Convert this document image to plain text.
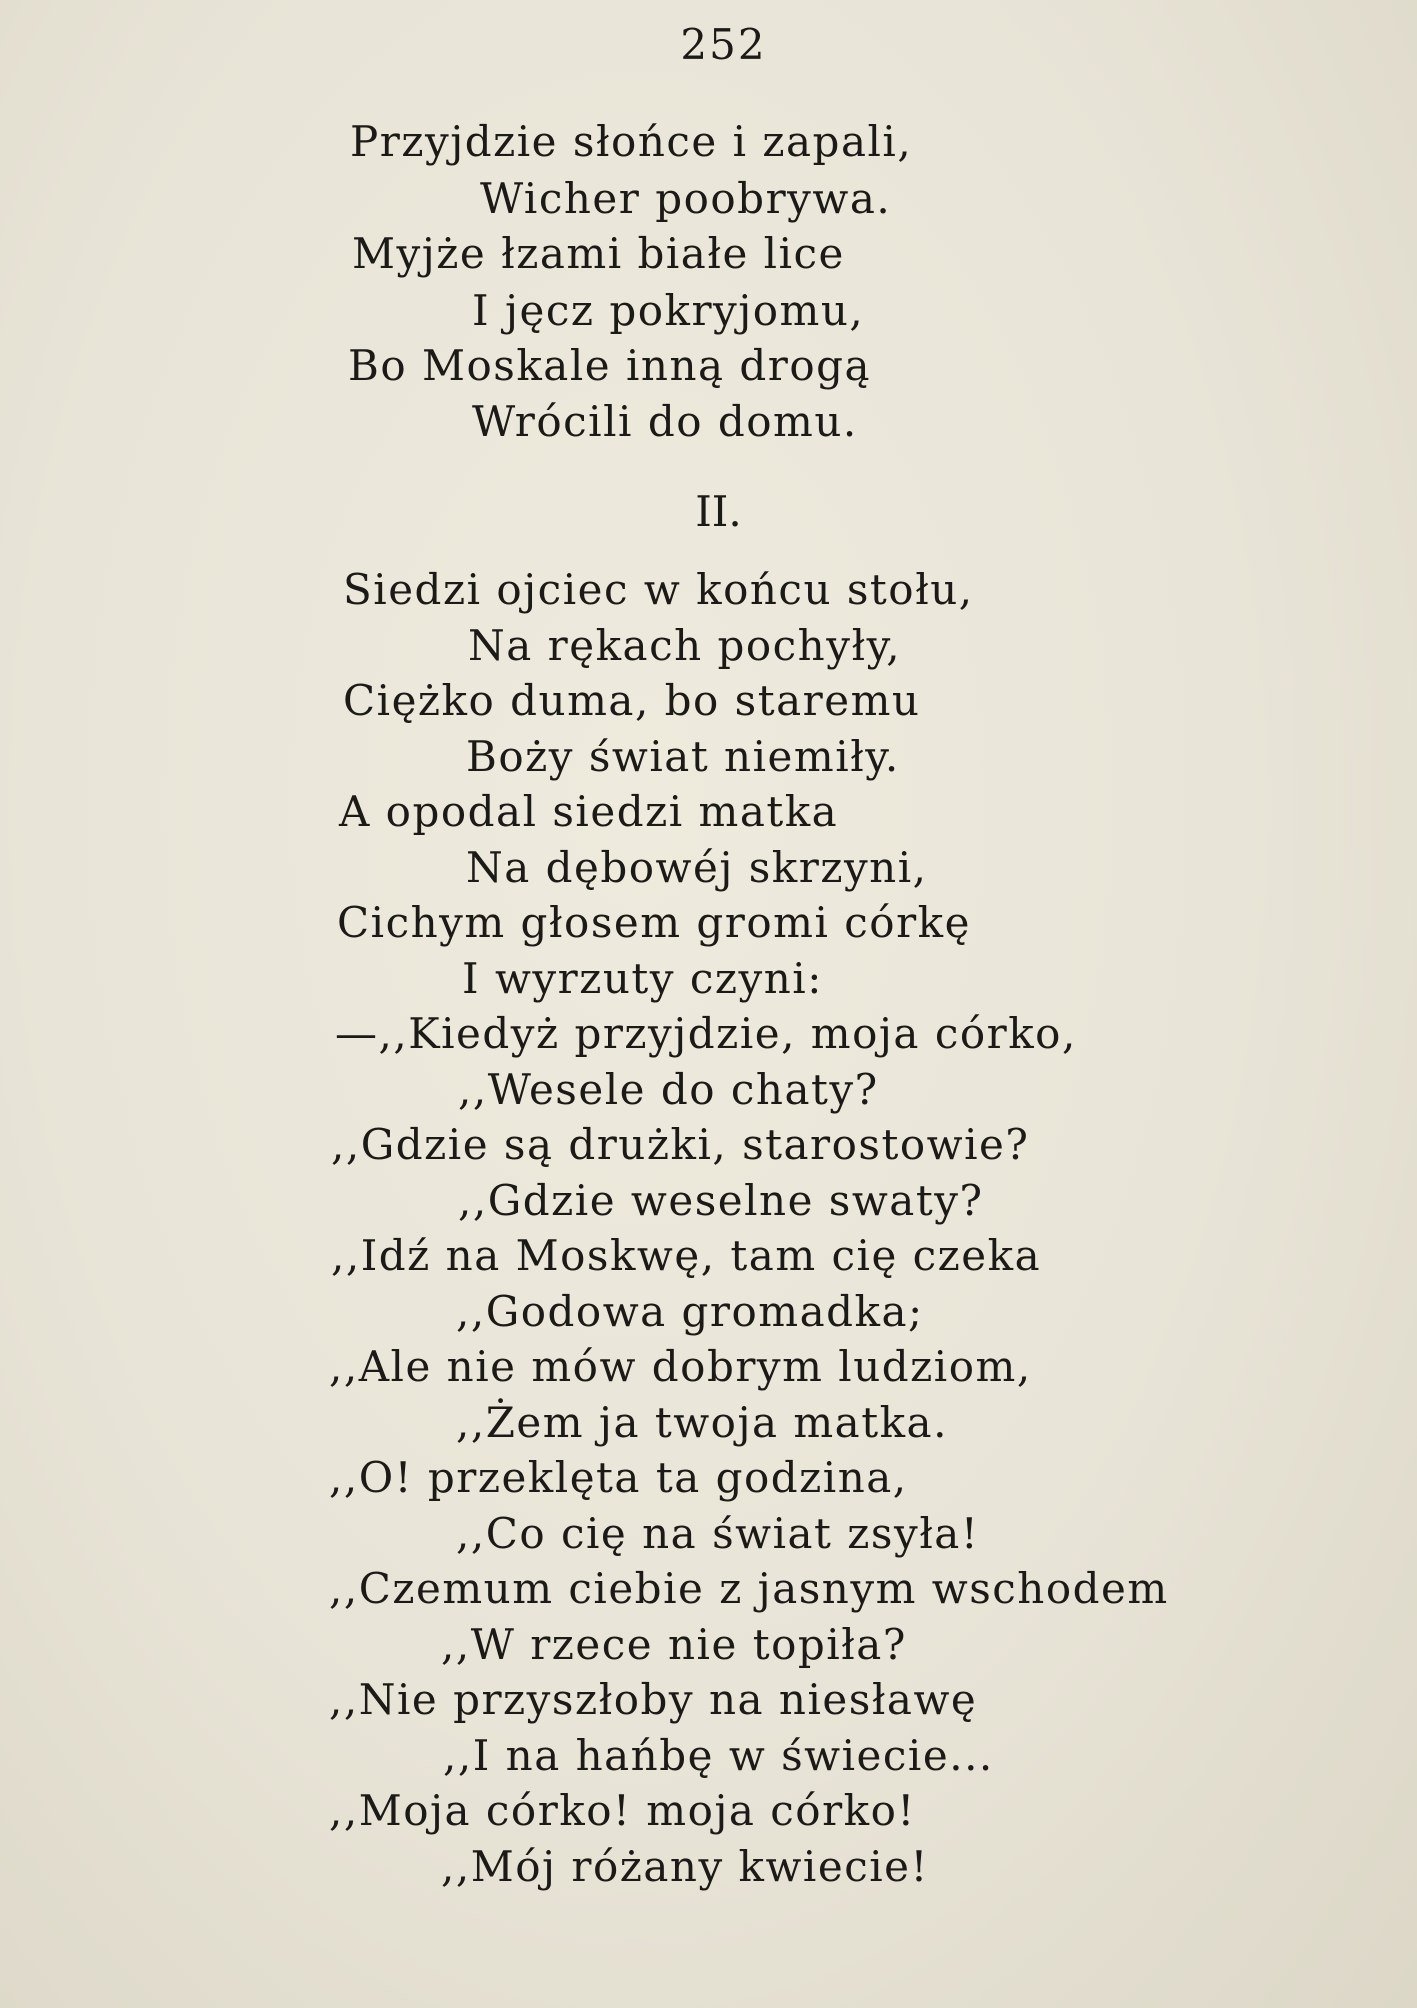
252
Przyjdzie słońce i zapali,
Wicher poobrywa.
Myjże łzami białe lice
I jęcz pokryjomu,
Bo Moskale inną drogą
Wrócili do domu.
II.
Siedzi ojciec w końcu stołu,
Na rękach pochyły,
Ciężko duma, bo staremu
Boży świat niemiły.
A opodal siedzi matka
Na dębowéj skrzyni,
Cichym głosem gromi córkę
I wyrzuty czyni:
—,,Kiedyż przyjdzie, moja córko,
,,Wesele do chaty?
,,Gdzie są drużki, starostowie?
,,Gdzie weselne swaty?
,,Idź na Moskwę, tam cię czeka
,,Godowa gromadka;
,,Ale nie mów dobrym ludziom,
,,Żem ja twoja matka.
,,O! przeklęta ta godzina,
,,Co cię na świat zsyła!
,,Czemum ciebie z jasnym wschodem
,,W rzece nie topiła?
,,Nie przyszłoby na niesławę
,,I na hańbę w świecie...
,,Moja córko! moja córko!
,,Mój różany kwiecie!
